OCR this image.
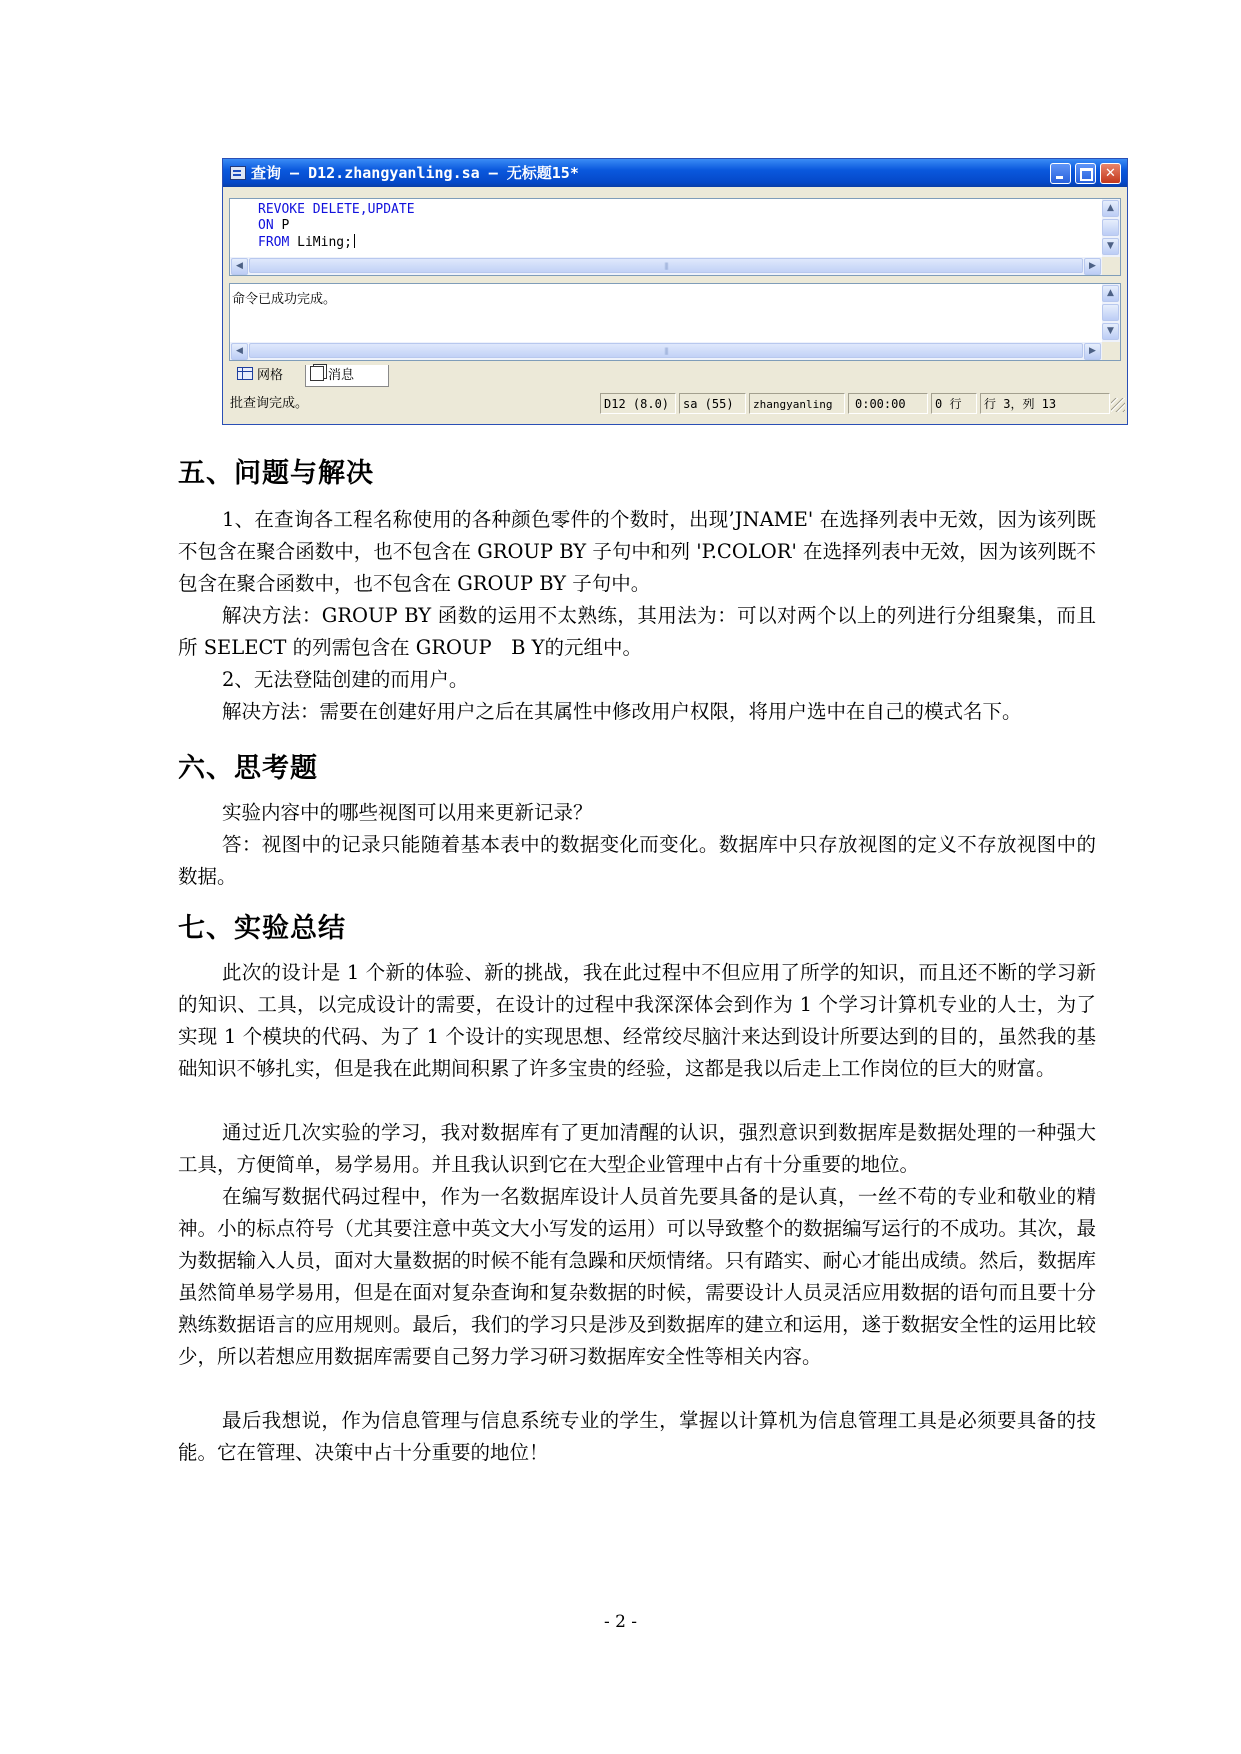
查询 — D12.zhangyanling.sa — 无标题15*	✕
REVOKE DELETE,UPDATE
ON P
FROM LiMing;
▲
▼
◀ |||	▶
命令已成功完成。	▲
▼
◀ |||	▶
网格	消息
批查询完成。	D12 (8.0)	sa (55)	zhangyanling	0:00:00	0 行	行 3，列 13
五、问题与解决
1、在查询各工程名称使用的各种颜色零件的个数时，出现’JNAME' 在选择列表中无效，因为该列既不包含在聚合函数中，也不包含在 GROUP BY 子句中和列 'P.COLOR' 在选择列表中无效，因为该列既不包含在聚合函数中，也不包含在 GROUP BY 子句中。
解决方法：GROUP BY 函数的运用不太熟练，其用法为：可以对两个以上的列进行分组聚集，而且所 SELECT 的列需包含在 GROUP　B Y的元组中。
2、无法登陆创建的而用户。
解决方法：需要在创建好用户之后在其属性中修改用户权限，将用户选中在自己的模式名下。
六、思考题
实验内容中的哪些视图可以用来更新记录？
答：视图中的记录只能随着基本表中的数据变化而变化。数据库中只存放视图的定义不存放视图中的数据。
七、实验总结
此次的设计是 1 个新的体验、新的挑战，我在此过程中不但应用了所学的知识，而且还不断的学习新的知识、工具，以完成设计的需要，在设计的过程中我深深体会到作为 1 个学习计算机专业的人士，为了实现 1 个模块的代码、为了 1 个设计的实现思想、经常绞尽脑汁来达到设计所要达到的目的，虽然我的基础知识不够扎实，但是我在此期间积累了许多宝贵的经验，这都是我以后走上工作岗位的巨大的财富。
通过近几次实验的学习，我对数据库有了更加清醒的认识，强烈意识到数据库是数据处理的一种强大工具，方便简单，易学易用。并且我认识到它在大型企业管理中占有十分重要的地位。
在编写数据代码过程中，作为一名数据库设计人员首先要具备的是认真，一丝不苟的专业和敬业的精神。小的标点符号（尤其要注意中英文大小写发的运用）可以导致整个的数据编写运行的不成功。其次，最为数据输入人员，面对大量数据的时候不能有急躁和厌烦情绪。只有踏实、耐心才能出成绩。然后，数据库虽然简单易学易用，但是在面对复杂查询和复杂数据的时候，需要设计人员灵活应用数据的语句而且要十分熟练数据语言的应用规则。最后，我们的学习只是涉及到数据库的建立和运用，遂于数据安全性的运用比较少，所以若想应用数据库需要自己努力学习研习数据库安全性等相关内容。
最后我想说，作为信息管理与信息系统专业的学生，掌握以计算机为信息管理工具是必须要具备的技能。它在管理、决策中占十分重要的地位！
- 2 -
